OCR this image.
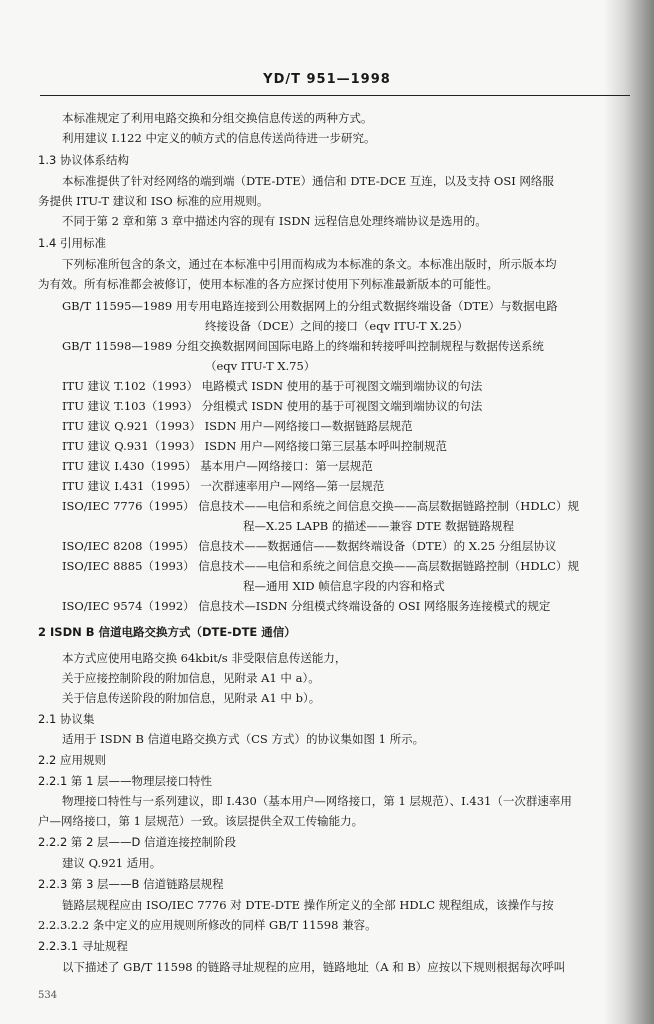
YD/T 951—1998
本标准规定了利用电路交换和分组交换信息传送的两种方式。
利用建议 I.122 中定义的帧方式的信息传送尚待进一步研究。
1.3 协议体系结构
本标准提供了针对经网络的端到端（DTE-DTE）通信和 DTE-DCE 互连，以及支持 OSI 网络服
务提供 ITU-T 建议和 ISO 标准的应用规则。
不同于第 2 章和第 3 章中描述内容的现有 ISDN 远程信息处理终端协议是选用的。
1.4 引用标准
下列标准所包含的条文，通过在本标准中引用而构成为本标准的条文。本标准出版时，所示版本均
为有效。所有标准都会被修订，使用本标准的各方应探讨使用下列标准最新版本的可能性。
GB/T 11595—1989 用专用电路连接到公用数据网上的分组式数据终端设备（DTE）与数据电路
终接设备（DCE）之间的接口（eqv ITU-T X.25）
GB/T 11598—1989 分组交换数据网间国际电路上的终端和转接呼叫控制规程与数据传送系统
（eqv ITU-T X.75）
ITU 建议 T.102（1993） 电路模式 ISDN 使用的基于可视图文端到端协议的句法
ITU 建议 T.103（1993） 分组模式 ISDN 使用的基于可视图文端到端协议的句法
ITU 建议 Q.921（1993） ISDN 用户—网络接口—数据链路层规范
ITU 建议 Q.931（1993） ISDN 用户—网络接口第三层基本呼叫控制规范
ITU 建议 I.430（1995） 基本用户—网络接口：第一层规范
ITU 建议 I.431（1995） 一次群速率用户—网络—第一层规范
ISO/IEC 7776（1995） 信息技术——电信和系统之间信息交换——高层数据链路控制（HDLC）规
程—X.25 LAPB 的描述——兼容 DTE 数据链路规程
ISO/IEC 8208（1995） 信息技术——数据通信——数据终端设备（DTE）的 X.25 分组层协议
ISO/IEC 8885（1993） 信息技术——电信和系统之间信息交换——高层数据链路控制（HDLC）规
程—通用 XID 帧信息字段的内容和格式
ISO/IEC 9574（1992） 信息技术—ISDN 分组模式终端设备的 OSI 网络服务连接模式的规定
2 ISDN B 信道电路交换方式（DTE-DTE 通信）
本方式应使用电路交换 64kbit/s 非受限信息传送能力，
关于应接控制阶段的附加信息，见附录 A1 中 a）。
关于信息传送阶段的附加信息，见附录 A1 中 b）。
2.1 协议集
适用于 ISDN B 信道电路交换方式（CS 方式）的协议集如图 1 所示。
2.2 应用规则
2.2.1 第 1 层——物理层接口特性
物理接口特性与一系列建议，即 I.430（基本用户—网络接口，第 1 层规范）、I.431（一次群速率用
户—网络接口，第 1 层规范）一致。该层提供全双工传输能力。
2.2.2 第 2 层——D 信道连接控制阶段
建议 Q.921 适用。
2.2.3 第 3 层——B 信道链路层规程
链路层规程应由 ISO/IEC 7776 对 DTE-DTE 操作所定义的全部 HDLC 规程组成，该操作与按
2.2.3.2.2 条中定义的应用规则所修改的同样 GB/T 11598 兼容。
2.2.3.1 寻址规程
以下描述了 GB/T 11598 的链路寻址规程的应用，链路地址（A 和 B）应按以下规则根据每次呼叫
534
